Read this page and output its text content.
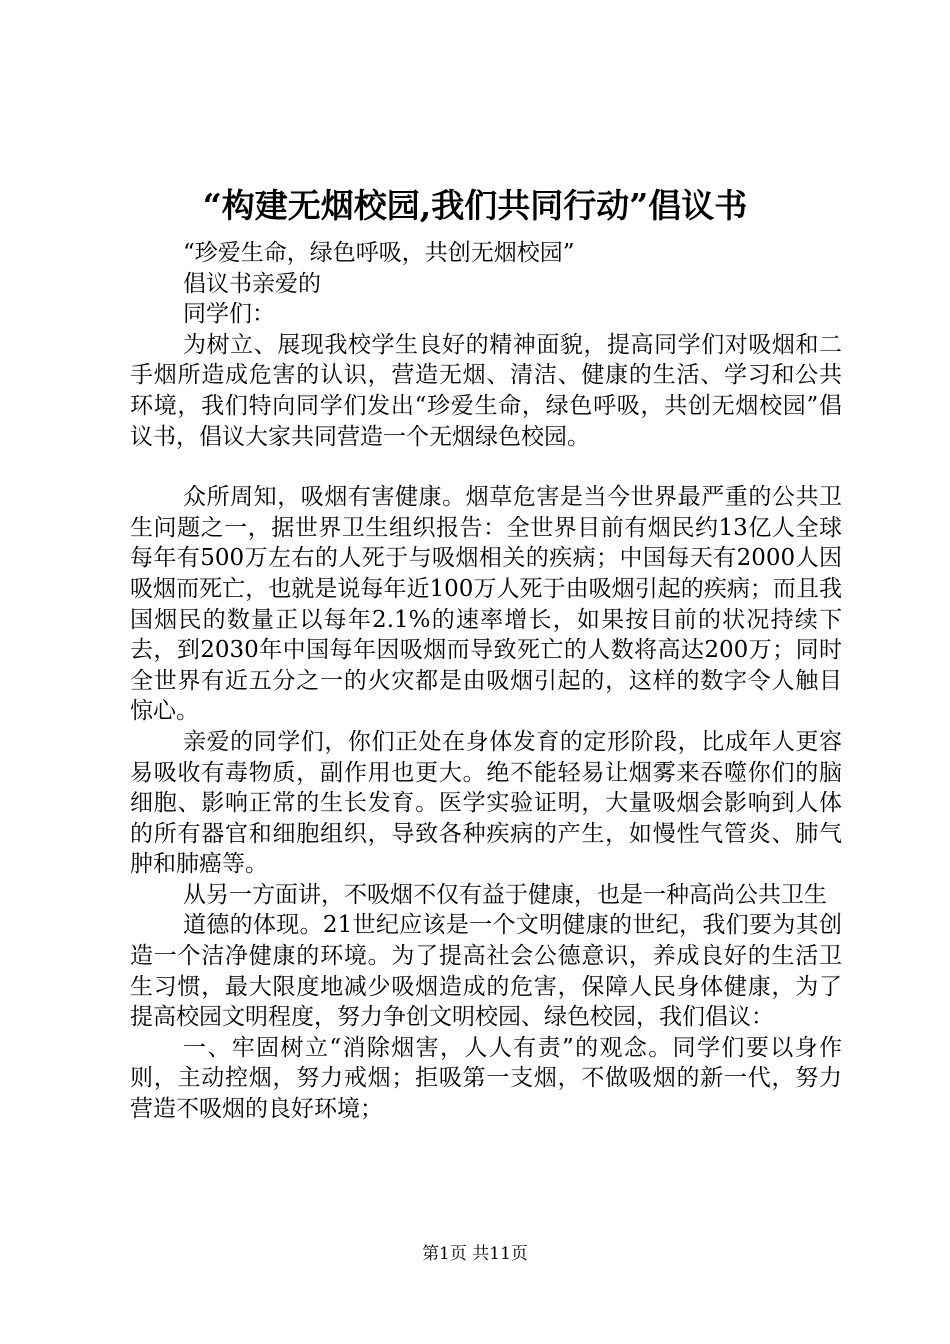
“构建无烟校园,我们共同行动”倡议书

“珍爱生命，绿色呼吸，共创无烟校园”

倡议书亲爱的

同学们：

为树立、展现我校学生良好的精神面貌，提高同学们对吸烟和二手烟所造成危害的认识，营造无烟、清洁、健康的生活、学习和公共环境，我们特向同学们发出“珍爱生命，绿色呼吸，共创无烟校园”倡议书，倡议大家共同营造一个无烟绿色校园。

众所周知，吸烟有害健康。烟草危害是当今世界最严重的公共卫生问题之一，据世界卫生组织报告：全世界目前有烟民约13亿人全球每年有500万左右的人死于与吸烟相关的疾病；中国每天有2000人因吸烟而死亡，也就是说每年近100万人死于由吸烟引起的疾病；而且我国烟民的数量正以每年2.1%的速率增长，如果按目前的状况持续下去，到2030年中国每年因吸烟而导致死亡的人数将高达200万；同时全世界有近五分之一的火灾都是由吸烟引起的，这样的数字令人触目惊心。

亲爱的同学们，你们正处在身体发育的定形阶段，比成年人更容易吸收有毒物质，副作用也更大。绝不能轻易让烟雾来吞噬你们的脑细胞、影响正常的生长发育。医学实验证明，大量吸烟会影响到人体的所有器官和细胞组织，导致各种疾病的产生，如慢性气管炎、肺气肿和肺癌等。

从另一方面讲，不吸烟不仅有益于健康，也是一种高尚公共卫生

道德的体现。21世纪应该是一个文明健康的世纪，我们要为其创造一个洁净健康的环境。为了提高社会公德意识，养成良好的生活卫生习惯，最大限度地减少吸烟造成的危害，保障人民身体健康，为了提高校园文明程度，努力争创文明校园、绿色校园，我们倡议：

一、牢固树立“消除烟害，人人有责”的观念。同学们要以身作则，主动控烟，努力戒烟；拒吸第一支烟，不做吸烟的新一代，努力营造不吸烟的良好环境；

第1页 共11页
